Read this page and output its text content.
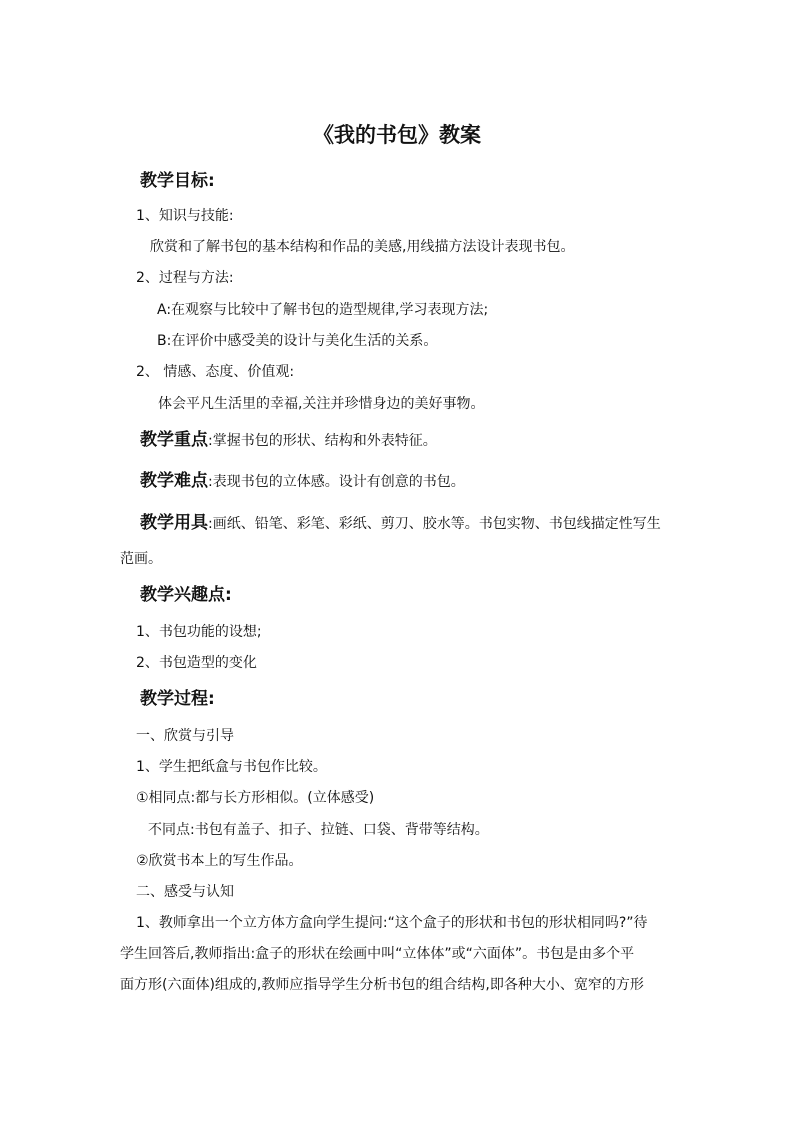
《我的书包》教案
教学目标:
1、知识与技能:
欣赏和了解书包的基本结构和作品的美感,用线描方法设计表现书包。
2、过程与方法:
A:在观察与比较中了解书包的造型规律,学习表现方法;
B:在评价中感受美的设计与美化生活的关系。
2、 情感、态度、价值观:
体会平凡生活里的幸福,关注并珍惜身边的美好事物。
教学重点:掌握书包的形状、结构和外表特征。
教学难点:表现书包的立体感。设计有创意的书包。
教学用具:画纸、铅笔、彩笔、彩纸、剪刀、胶水等。书包实物、书包线描定性写生
范画。
教学兴趣点:
1、书包功能的设想;
2、书包造型的变化
教学过程:
一、欣赏与引导
1、学生把纸盒与书包作比较。
①相同点:都与长方形相似。(立体感受)
不同点:书包有盖子、扣子、拉链、口袋、背带等结构。
②欣赏书本上的写生作品。
二、感受与认知
1、教师拿出一个立方体方盒向学生提问:“这个盒子的形状和书包的形状相同吗?”待
学生回答后,教师指出:盒子的形状在绘画中叫“立体体”或“六面体”。书包是由多个平
面方形(六面体)组成的,教师应指导学生分析书包的组合结构,即各种大小、宽窄的方形
